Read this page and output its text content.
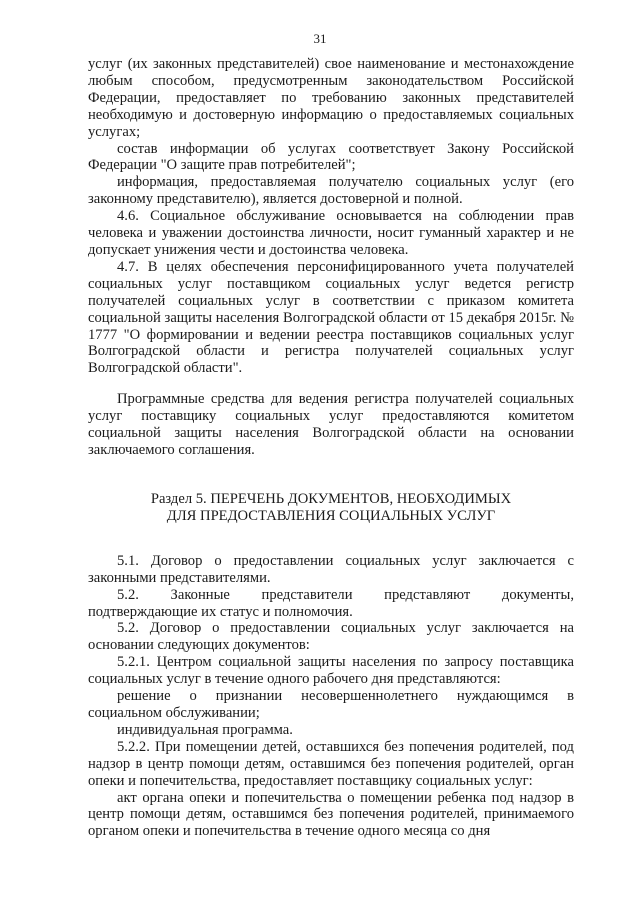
31

услуг (их законных представителей) свое наименование и местонахождение любым способом, предусмотренным законодательством Российской Федерации, предоставляет по требованию законных представителей необходимую и достоверную информацию о предоставляемых социальных услугах;

состав информации об услугах соответствует Закону Российской Федерации "О защите прав потребителей";

информация, предоставляемая получателю социальных услуг (его законному представителю), является достоверной и полной.

4.6. Социальное обслуживание основывается на соблюдении прав человека и уважении достоинства личности, носит гуманный характер и не допускает унижения чести и достоинства человека.

4.7. В целях обеспечения персонифицированного учета получателей социальных услуг поставщиком социальных услуг ведется регистр получателей социальных услуг в соответствии с приказом комитета социальной защиты населения Волгоградской области от 15 декабря 2015г. № 1777 "О формировании и ведении реестра поставщиков социальных услуг Волгоградской области и регистра получателей социальных услуг Волгоградской области".

Программные средства для ведения регистра получателей социальных услуг поставщику социальных услуг предоставляются комитетом социальной защиты населения Волгоградской области на основании заключаемого соглашения.

Раздел 5. ПЕРЕЧЕНЬ ДОКУМЕНТОВ, НЕОБХОДИМЫХ
ДЛЯ ПРЕДОСТАВЛЕНИЯ СОЦИАЛЬНЫХ УСЛУГ

5.1. Договор о предоставлении социальных услуг заключается с законными представителями.

5.2. Законные представители представляют документы, подтверждающие их статус и полномочия.

5.2. Договор о предоставлении социальных услуг заключается на основании следующих документов:

5.2.1. Центром социальной защиты населения по запросу поставщика социальных услуг в течение одного рабочего дня представляются:

решение о признании несовершеннолетнего нуждающимся в социальном обслуживании;

индивидуальная программа.

5.2.2. При помещении детей, оставшихся без попечения родителей, под надзор в центр помощи детям, оставшимся без попечения родителей, орган опеки и попечительства, предоставляет поставщику социальных услуг:

акт органа опеки и попечительства о помещении ребенка под надзор в центр помощи детям, оставшимся без попечения родителей, принимаемого органом опеки и попечительства в течение одного месяца со дня
